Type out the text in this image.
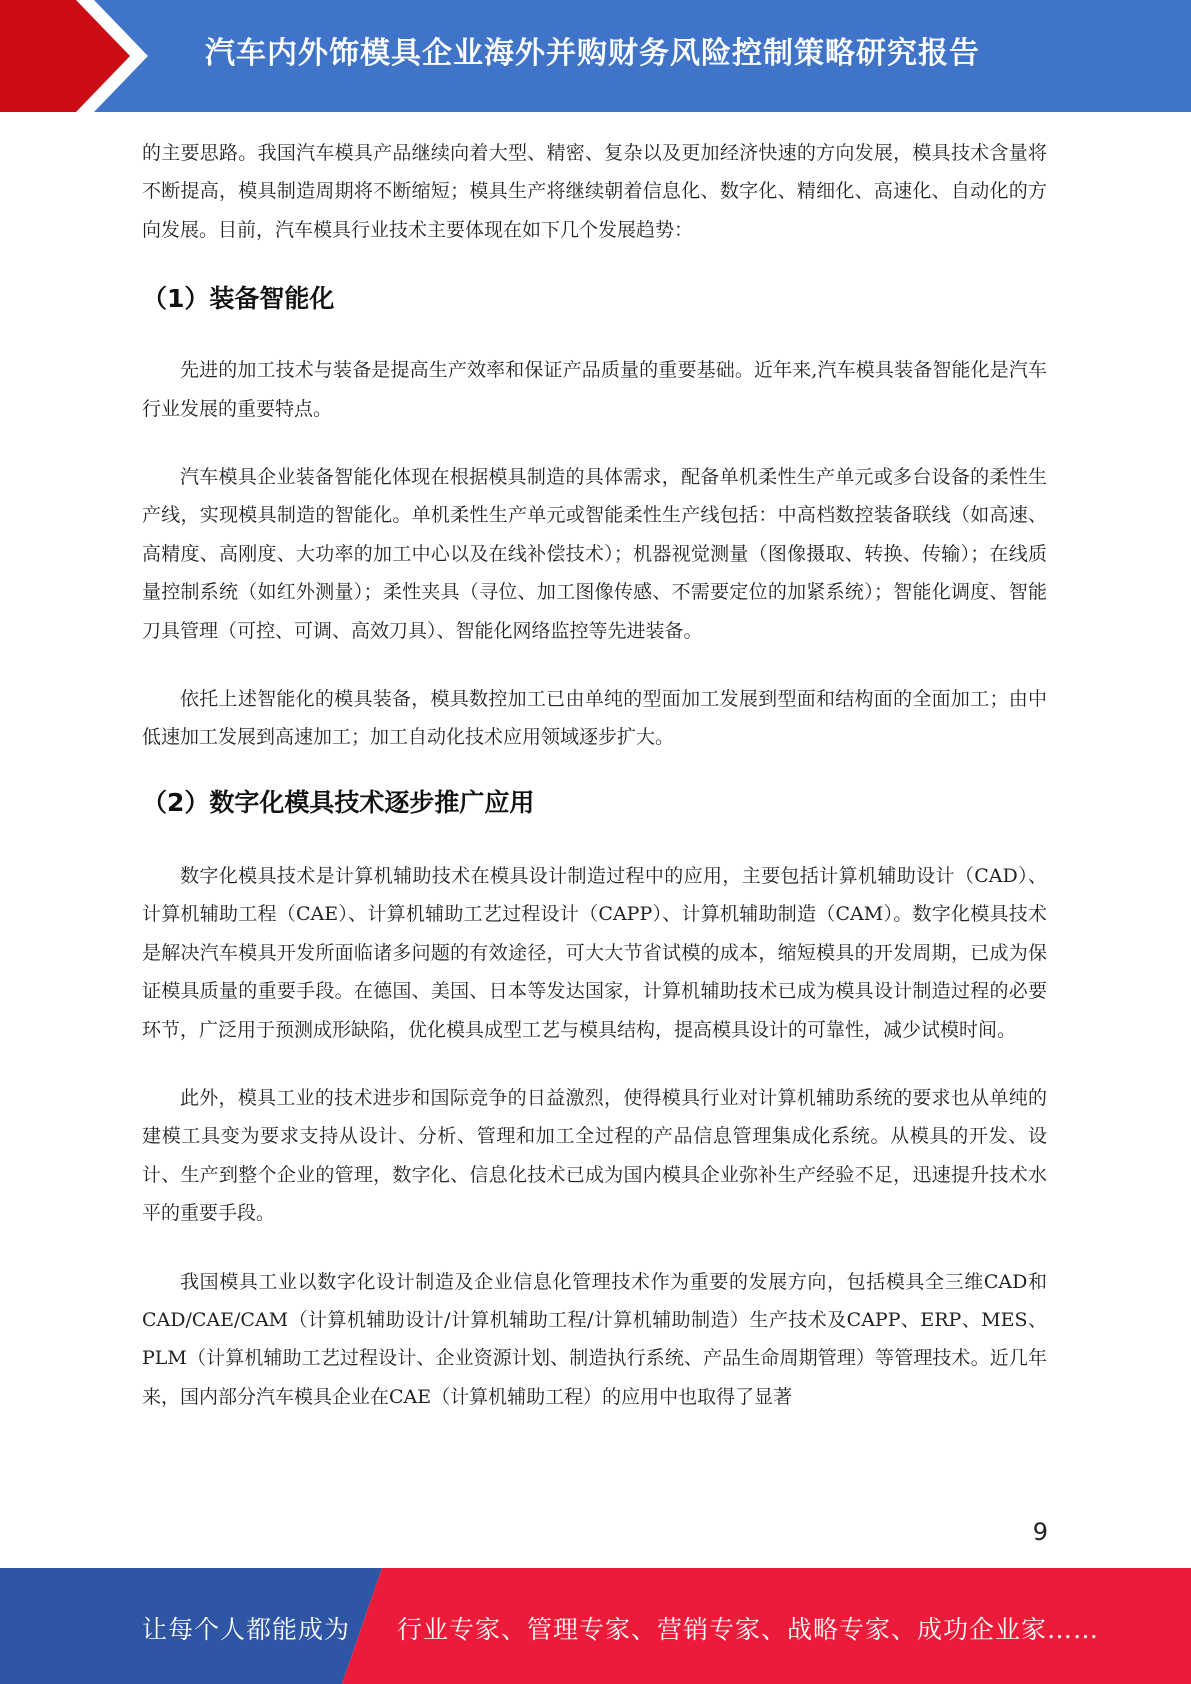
汽车内外饰模具企业海外并购财务风险控制策略研究报告

的主要思路。我国汽车模具产品继续向着大型、精密、复杂以及更加经济快速的方向发展，模具技术含量将不断提高，模具制造周期将不断缩短；模具生产将继续朝着信息化、数字化、精细化、高速化、自动化的方向发展。目前，汽车模具行业技术主要体现在如下几个发展趋势：

（1）装备智能化

先进的加工技术与装备是提高生产效率和保证产品质量的重要基础。近年来,汽车模具装备智能化是汽车行业发展的重要特点。

汽车模具企业装备智能化体现在根据模具制造的具体需求，配备单机柔性生产单元或多台设备的柔性生产线，实现模具制造的智能化。单机柔性生产单元或智能柔性生产线包括：中高档数控装备联线（如高速、高精度、高刚度、大功率的加工中心以及在线补偿技术）；机器视觉测量（图像摄取、转换、传输）；在线质量控制系统（如红外测量）；柔性夹具（寻位、加工图像传感、不需要定位的加紧系统）；智能化调度、智能刀具管理（可控、可调、高效刀具）、智能化网络监控等先进装备。

依托上述智能化的模具装备，模具数控加工已由单纯的型面加工发展到型面和结构面的全面加工；由中低速加工发展到高速加工；加工自动化技术应用领域逐步扩大。

（2）数字化模具技术逐步推广应用

数字化模具技术是计算机辅助技术在模具设计制造过程中的应用，主要包括计算机辅助设计（CAD）、计算机辅助工程（CAE）、计算机辅助工艺过程设计（CAPP）、计算机辅助制造（CAM）。数字化模具技术是解决汽车模具开发所面临诸多问题的有效途径，可大大节省试模的成本，缩短模具的开发周期，已成为保证模具质量的重要手段。在德国、美国、日本等发达国家，计算机辅助技术已成为模具设计制造过程的必要环节，广泛用于预测成形缺陷，优化模具成型工艺与模具结构，提高模具设计的可靠性，减少试模时间。

此外，模具工业的技术进步和国际竞争的日益激烈，使得模具行业对计算机辅助系统的要求也从单纯的建模工具变为要求支持从设计、分析、管理和加工全过程的产品信息管理集成化系统。从模具的开发、设计、生产到整个企业的管理，数字化、信息化技术已成为国内模具企业弥补生产经验不足，迅速提升技术水平的重要手段。

我国模具工业以数字化设计制造及企业信息化管理技术作为重要的发展方向，包括模具全三维CAD和CAD/CAE/CAM（计算机辅助设计/计算机辅助工程/计算机辅助制造）生产技术及CAPP、ERP、MES、PLM（计算机辅助工艺过程设计、企业资源计划、制造执行系统、产品生命周期管理）等管理技术。近几年来，国内部分汽车模具企业在CAE（计算机辅助工程）的应用中也取得了显著

9
让每个人都能成为 行业专家、管理专家、营销专家、战略专家、成功企业家……
